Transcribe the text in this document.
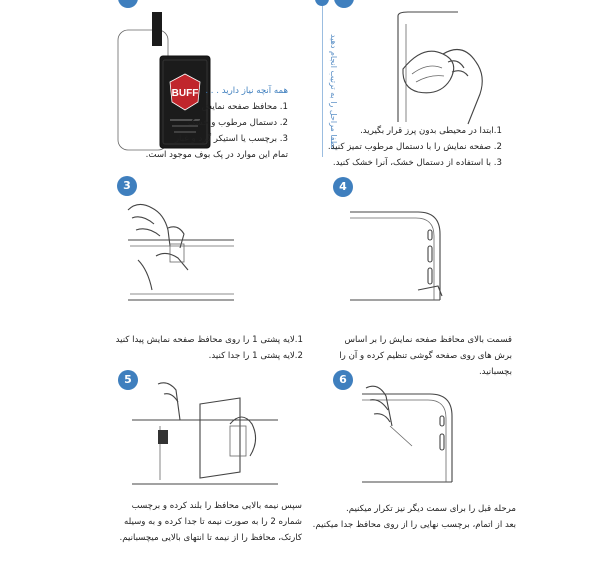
BUFF همه آنچه نیاز دارید . . .
1. محافظ صفحه نمایش
2. دستمال مرطوب و خشک
3. برچسب یا استیکر گرد و غبار
تمام این موارد در پک بوف موجود است.
لطفا مراحل را به ترتیب انجام دهید	1.ابتدا در محیطی بدون پرز قرار بگیرید.
2. صفحه نمایش را با دستمال مرطوب تمیز کنید.
3. با استفاده از دستمال خشک، آنرا خشک کنید.
3
1.لایه پشتی 1 را روی محافظ صفحه نمایش پیدا کنید
2.لایه پشتی 1 را جدا کنید.
4
قسمت بالای محافظ صفحه نمایش را بر اساس
برش های روی صفحه گوشی تنظیم کرده و آن را
بچسبانید.
5
سپس نیمه بالایی محافظ را بلند کرده و برچسب
شماره 2 را به صورت نیمه تا جدا کرده و به وسیله
کارتک، محافظ را از نیمه تا انتهای بالایی میچسبانیم.
6
مرحله قبل را برای سمت دیگر نیز تکرار میکنیم.
بعد از اتمام، برچسب نهایی را از روی محافظ جدا میکنیم.
